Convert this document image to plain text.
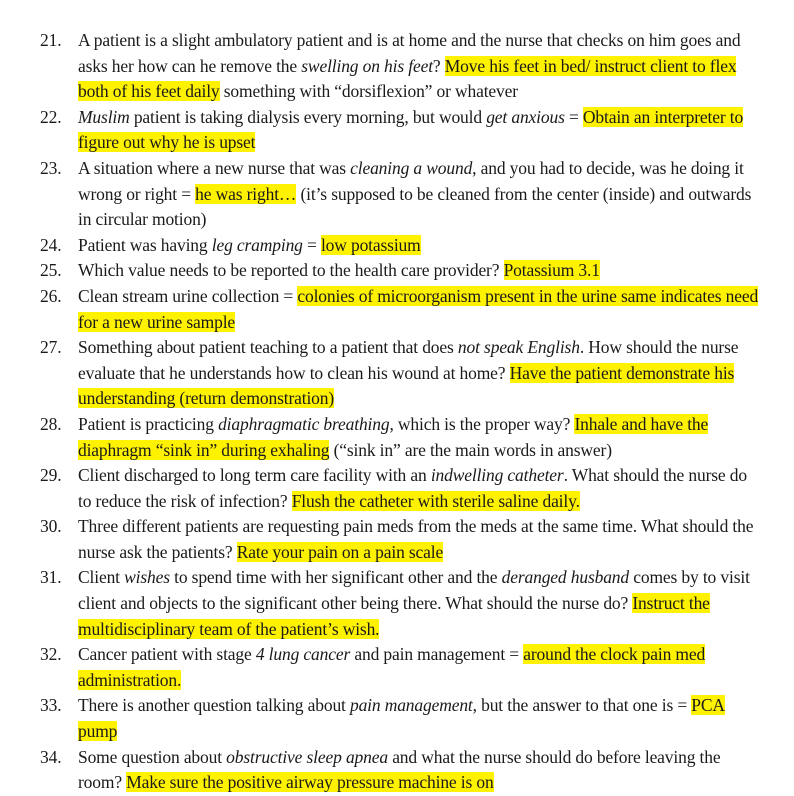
21. A patient is a slight ambulatory patient and is at home and the nurse that checks on him goes and asks her how can he remove the swelling on his feet? Move his feet in bed/ instruct client to flex both of his feet daily something with “dorsiflexion” or whatever
22. Muslim patient is taking dialysis every morning, but would get anxious = Obtain an interpreter to figure out why he is upset
23. A situation where a new nurse that was cleaning a wound, and you had to decide, was he doing it wrong or right = he was right… (it’s supposed to be cleaned from the center (inside) and outwards in circular motion)
24. Patient was having leg cramping = low potassium
25. Which value needs to be reported to the health care provider? Potassium 3.1
26. Clean stream urine collection = colonies of microorganism present in the urine same indicates need for a new urine sample
27. Something about patient teaching to a patient that does not speak English. How should the nurse evaluate that he understands how to clean his wound at home? Have the patient demonstrate his understanding (return demonstration)
28. Patient is practicing diaphragmatic breathing, which is the proper way? Inhale and have the diaphragm “sink in” during exhaling (“sink in” are the main words in answer)
29. Client discharged to long term care facility with an indwelling catheter. What should the nurse do to reduce the risk of infection? Flush the catheter with sterile saline daily.
30. Three different patients are requesting pain meds from the meds at the same time. What should the nurse ask the patients? Rate your pain on a pain scale
31. Client wishes to spend time with her significant other and the deranged husband comes by to visit client and objects to the significant other being there. What should the nurse do? Instruct the multidisciplinary team of the patient’s wish.
32. Cancer patient with stage 4 lung cancer and pain management = around the clock pain med administration.
33. There is another question talking about pain management, but the answer to that one is = PCA pump
34. Some question about obstructive sleep apnea and what the nurse should do before leaving the room? Make sure the positive airway pressure machine is on
